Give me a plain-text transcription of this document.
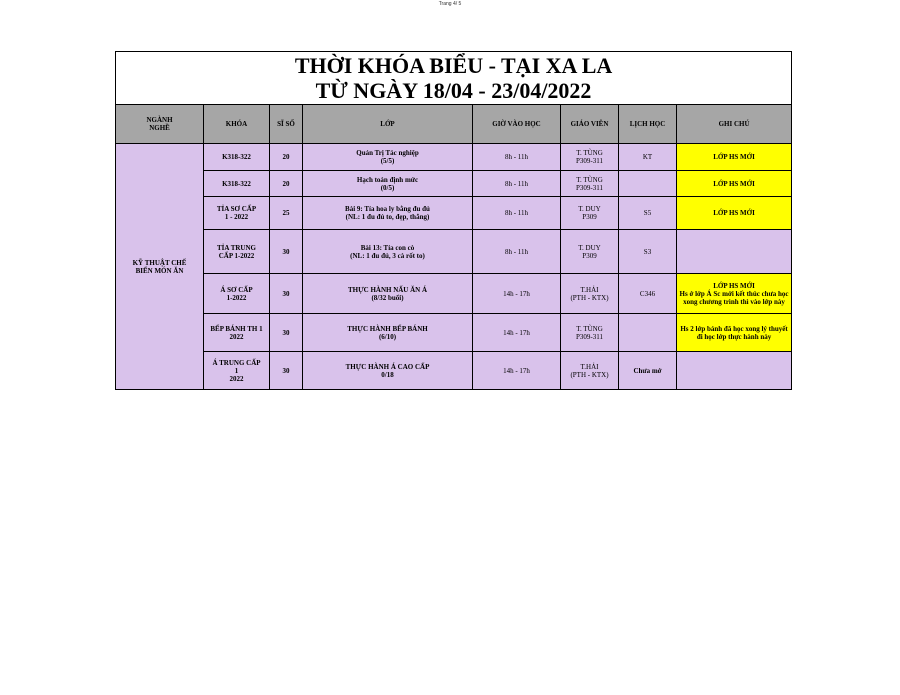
Trang 4/ 5
THỜI KHÓA BIỂU - TẠI XA LA
TỪ NGÀY 18/04 - 23/04/2022							

NGÀNH NGHỀ	KHÓA	SĨ SỐ	LỚP	GIỜ VÀO HỌC	GIÁO VIÊN	LỊCH HỌC	GHI CHÚ

KỸ THUẬT CHẾ BIẾN MÓN ĂN	K318-322	20	Quản Trị Tác nghiệp
(5/5)	8h - 11h	T. TÙNG
P309-311	KT	LỚP HS MỚI
	K318-322	20	Hạch toán định mức
(0/5)	8h - 11h	T. TÙNG
P309-311		LỚP HS MỚI

	TỈA SƠ CẤP
1 - 2022	25	Bài 9: Tỉa hoa ly bằng đu đủ
(NL: 1 đu đủ to, đẹp, thẳng)	8h - 11h	T. DUY
P309	S5	LỚP HS MỚI

	TỈA TRUNG
CẤP 1-2022	30	Bài 13: Tỉa con cò
(NL: 1 đu đủ, 3 cà rốt to)	8h - 11h	T. DUY
P309	S3	

	Á SƠ CẤP
1-2022	30	THỰC HÀNH NẤU ĂN Á
(8/32 buổi)	14h - 17h	T.HẢI
(PTH - KTX)	C346	LỚP HS MỚI
Hs ở lớp Á Sc mới kết thúc chưa học xong chương trình thì vào lớp này

	BẾP BÁNH TH 1
2022	30	THỰC HÀNH BẾP BÁNH
(6/10)	14h - 17h	T. TÙNG
P309-311		Hs 2 lớp bánh đã học xong lý thuyết đi học lớp thực hành này

	Á TRUNG CẤP
1
2022	30	THỰC HÀNH Á CAO CẤP
0/18	14h - 17h	T.HẢI
(PTH - KTX)	Chưa mở	
